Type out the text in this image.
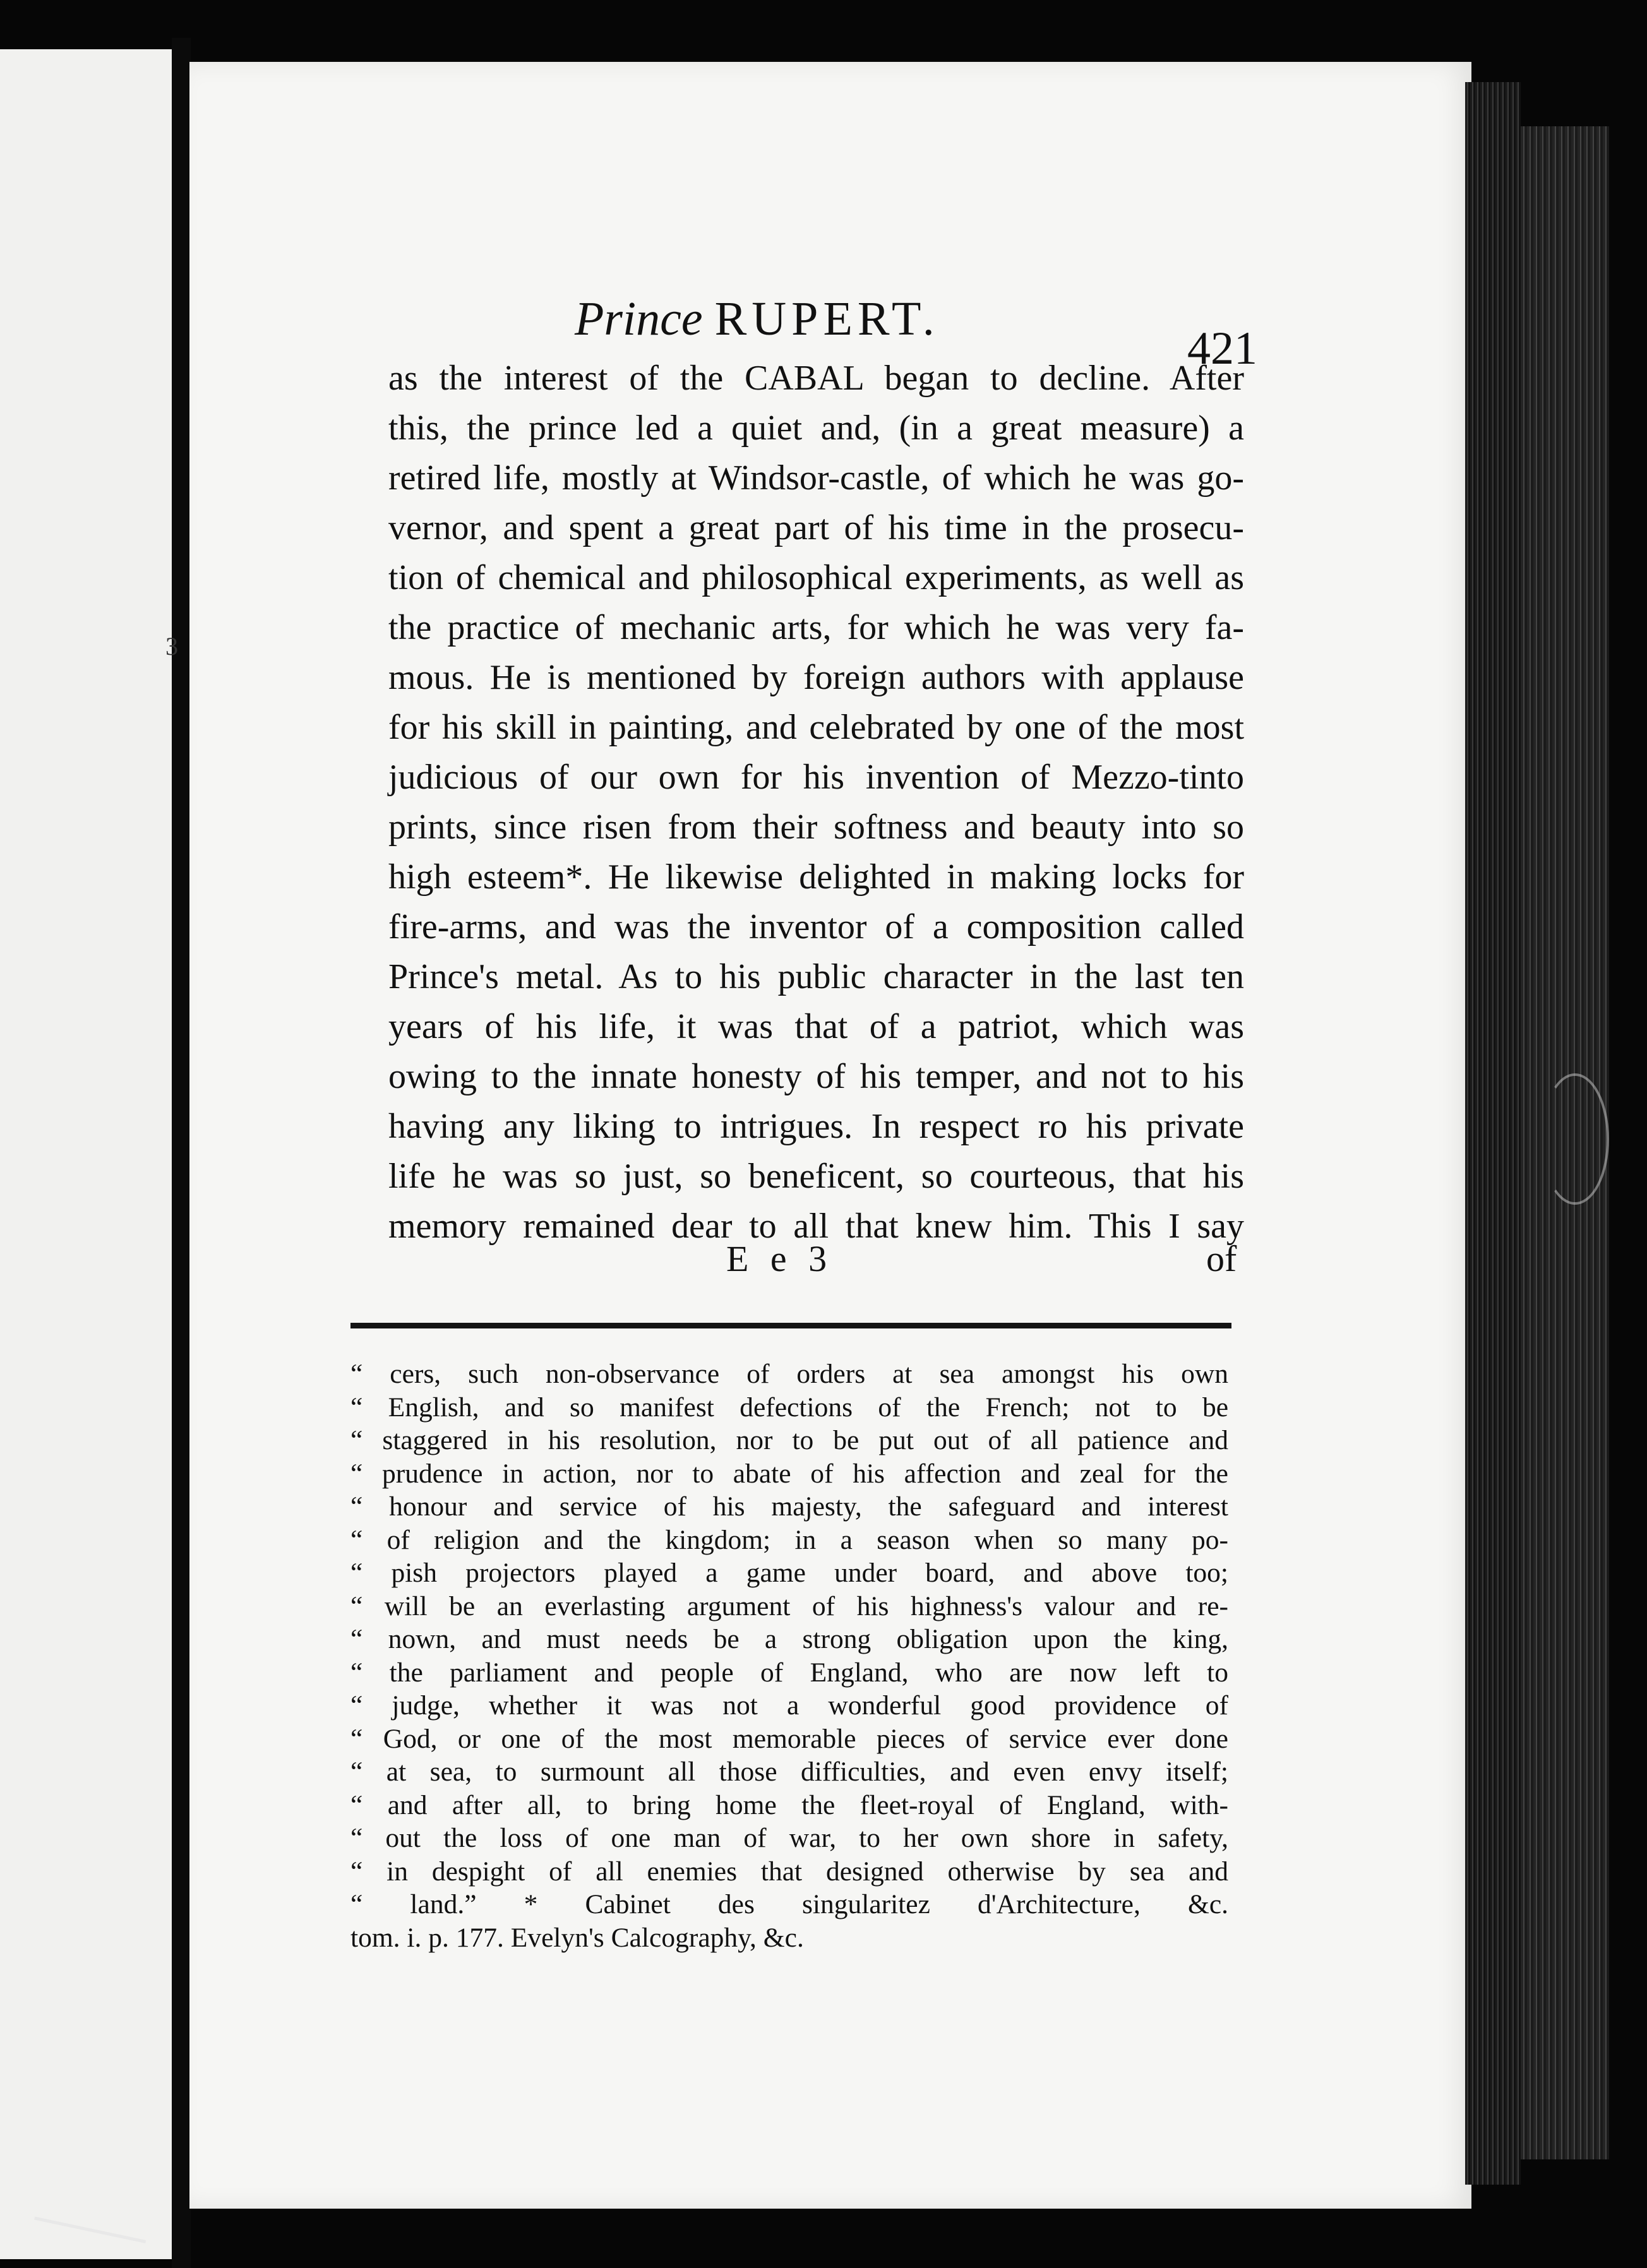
3
Prince RUPERT.
421
as the interest of the CABAL began to decline. After
this, the prince led a quiet and, (in a great measure) a
retired life, mostly at Windsor-castle, of which he was go-
vernor, and spent a great part of his time in the prosecu-
tion of chemical and philosophical experiments, as well as
the practice of mechanic arts, for which he was very fa-
mous. He is mentioned by foreign authors with applause
for his skill in painting, and celebrated by one of the most
judicious of our own for his invention of Mezzo-tinto
prints, since risen from their softness and beauty into so
high esteem*. He likewise delighted in making locks for
fire-arms, and was the inventor of a composition called
Prince's metal. As to his public character in the last ten
years of his life, it was that of a patriot, which was
owing to the innate honesty of his temper, and not to his
having any liking to intrigues. In respect ro his private
life he was so just, so beneficent, so courteous, that his
memory remained dear to all that knew him. This I say
E e 3	of
“ cers, such non-observance of orders at sea amongst his own
“ English, and so manifest defections of the French; not to be
“ staggered in his resolution, nor to be put out of all patience and
“ prudence in action, nor to abate of his affection and zeal for the
“ honour and service of his majesty, the safeguard and interest
“ of religion and the kingdom; in a season when so many po-
“ pish projectors played a game under board, and above too;
“ will be an everlasting argument of his highness's valour and re-
“ nown, and must needs be a strong obligation upon the king,
“ the parliament and people of England, who are now left to
“ judge, whether it was not a wonderful good providence of
“ God, or one of the most memorable pieces of service ever done
“ at sea, to surmount all those difficulties, and even envy itself;
“ and after all, to bring home the fleet-royal of England, with-
“ out the loss of one man of war, to her own shore in safety,
“ in despight of all enemies that designed otherwise by sea and
“ land.” * Cabinet des singularitez d'Architecture, &c.
tom. i. p. 177. Evelyn's Calcography, &c.
